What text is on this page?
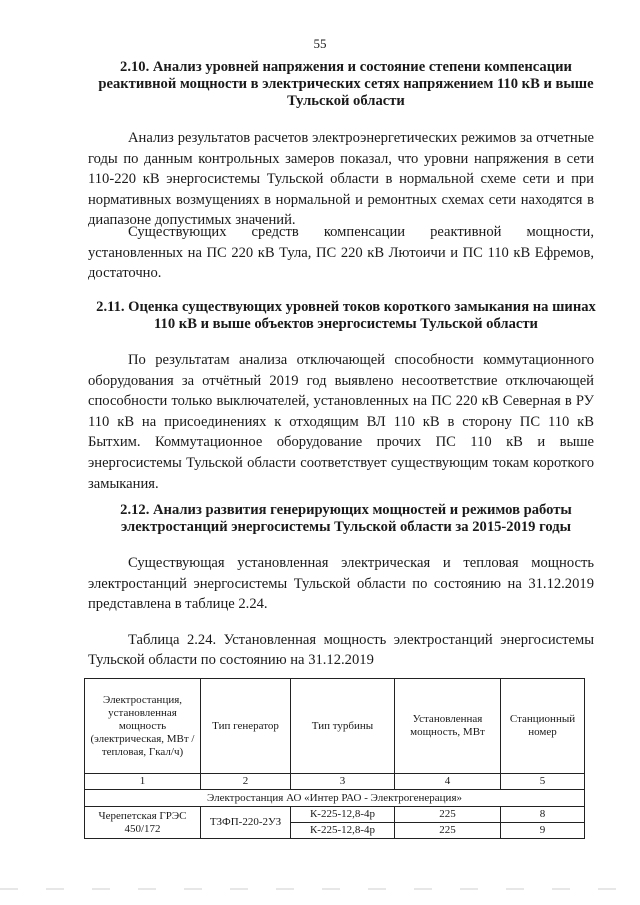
55
2.10. Анализ уровней напряжения и состояние степени компенсации реактивной мощности в электрических сетях напряжением 110 кВ и выше Тульской области
Анализ результатов расчетов электроэнергетических режимов за отчетные годы по данным контрольных замеров показал, что уровни напряжения в сети 110-220 кВ энергосистемы Тульской области в нормальной схеме сети и при нормативных возмущениях в нормальной и ремонтных схемах сети находятся в диапазоне допустимых значений.
Существующих средств компенсации реактивной мощности, установленных на ПС 220 кВ Тула, ПС 220 кВ Лютоичи и ПС 110 кВ Ефремов, достаточно.
2.11. Оценка существующих уровней токов короткого замыкания на шинах 110 кВ и выше объектов энергосистемы Тульской области
По результатам анализа отключающей способности коммутационного оборудования за отчётный 2019 год выявлено несоответствие отключающей способности только выключателей, установленных на ПС 220 кВ Северная в РУ 110 кВ на присоединениях к отходящим ВЛ 110 кВ в сторону ПС 110 кВ Бытхим. Коммутационное оборудование прочих ПС 110 кВ и выше энергосистемы Тульской области соответствует существующим токам короткого замыкания.
2.12. Анализ развития генерирующих мощностей и режимов работы электростанций энергосистемы Тульской области за 2015-2019 годы
Существующая установленная электрическая и тепловая мощность электростанций энергосистемы Тульской области по состоянию на 31.12.2019 представлена в таблице 2.24.
Таблица 2.24. Установленная мощность электростанций энергосистемы Тульской области по состоянию на 31.12.2019
Электростанция, установленная мощность (электрическая, МВт / тепловая, Гкал/ч)	Тип генератор	Тип турбины	Установленная мощность, МВт	Станционный номер
1	2	3	4	5
Электростанция АО «Интер РАО - Электрогенерация»				
Черепетская ГРЭС 450/172	ТЗФП-220-2УЗ	К-225-12,8-4р	225	8
		К-225-12,8-4р	225	9
